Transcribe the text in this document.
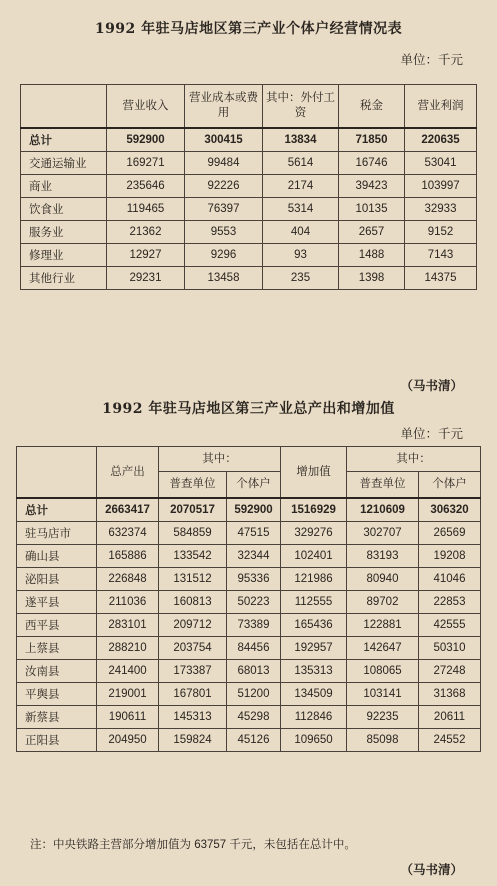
1992 年驻马店地区第三产业个体户经营情况表
单位：千元
	营业收入	营业成本或费用	其中：外付工资	税金	营业利润
总计	592900	300415	13834	71850	220635
交通运输业	169271	99484	5614	16746	53041
商业	235646	92226	2174	39423	103997
饮食业	119465	76397	5314	10135	32933
服务业	21362	9553	404	2657	9152
修理业	12927	9296	93	1488	7143
其他行业	29231	13458	235	1398	14375
（马书清）
1992 年驻马店地区第三产业总产出和增加值
单位：千元
	总产出	其中：		增加值	其中：	
		普查单位	个体户		普查单位	个体户
总计	2663417	2070517	592900	1516929	1210609	306320
驻马店市	632374	584859	47515	329276	302707	26569
确山县	165886	133542	32344	102401	83193	19208
泌阳县	226848	131512	95336	121986	80940	41046
遂平县	211036	160813	50223	112555	89702	22853
西平县	283101	209712	73389	165436	122881	42555
上蔡县	288210	203754	84456	192957	142647	50310
汝南县	241400	173387	68013	135313	108065	27248
平舆县	219001	167801	51200	134509	103141	31368
新蔡县	190611	145313	45298	112846	92235	20611
正阳县	204950	159824	45126	109650	85098	24552
注：中央铁路主营部分增加值为 63757 千元，未包括在总计中。
（马书清）
